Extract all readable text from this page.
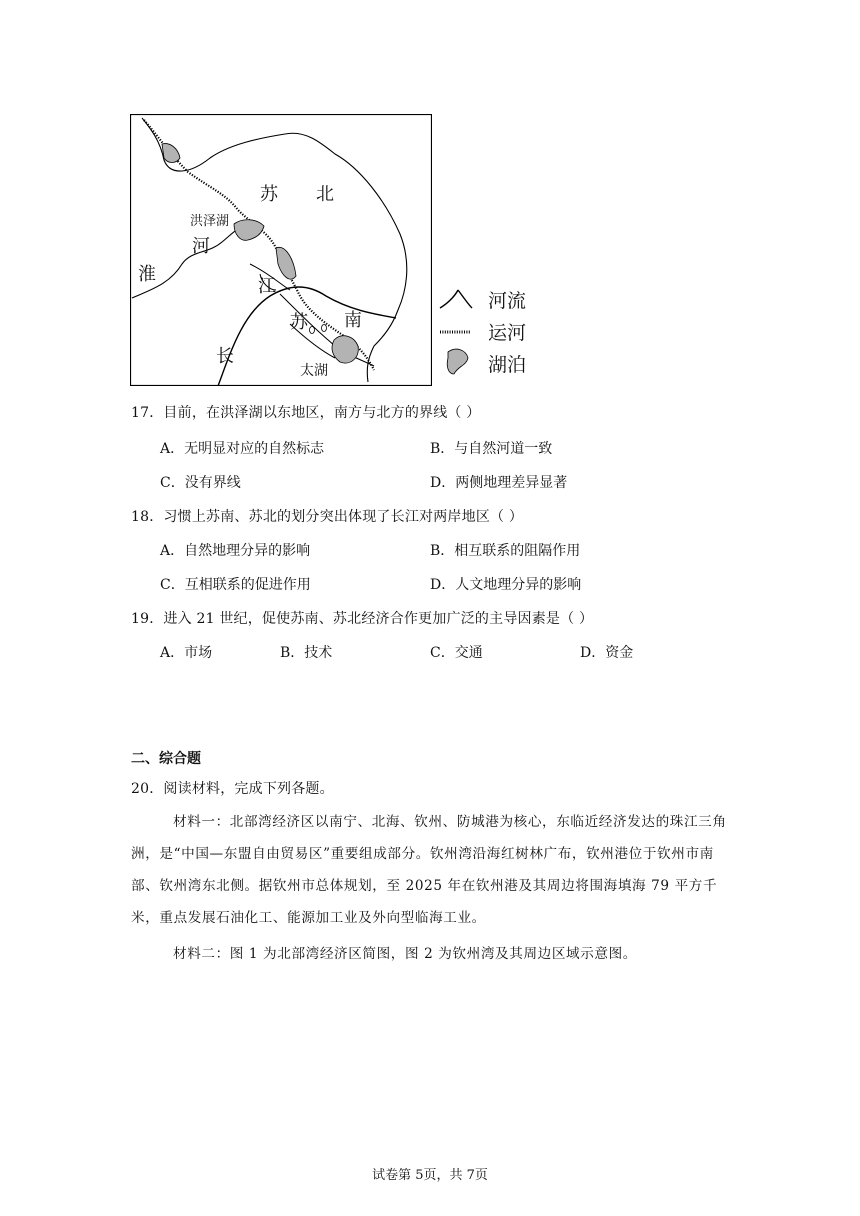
苏 北
洪泽湖
河
淮
江
长
苏 南
太湖
河流
运河
湖泊
17．目前，在洪泽湖以东地区，南方与北方的界线（ ）
A．无明显对应的自然标志	B．与自然河道一致
C．没有界线	D．两侧地理差异显著
18．习惯上苏南、苏北的划分突出体现了长江对两岸地区（ ）
A．自然地理分异的影响	B．相互联系的阻隔作用
C．互相联系的促进作用	D．人文地理分异的影响
19．进入 21 世纪，促使苏南、苏北经济合作更加广泛的主导因素是（ ）
A．市场	B．技术	C．交通	D．资金
二、综合题
20．阅读材料，完成下列各题。
材料一：北部湾经济区以南宁、北海、钦州、防城港为核心，东临近经济发达的珠江三角洲，是“中国—东盟自由贸易区”重要组成部分。钦州湾沿海红树林广布，钦州港位于钦州市南部、钦州湾东北侧。据钦州市总体规划，至 2025 年在钦州港及其周边将围海填海 79 平方千米，重点发展石油化工、能源加工业及外向型临海工业。
材料二：图 1 为北部湾经济区简图，图 2 为钦州湾及其周边区域示意图。
试卷第 5页，共 7页
